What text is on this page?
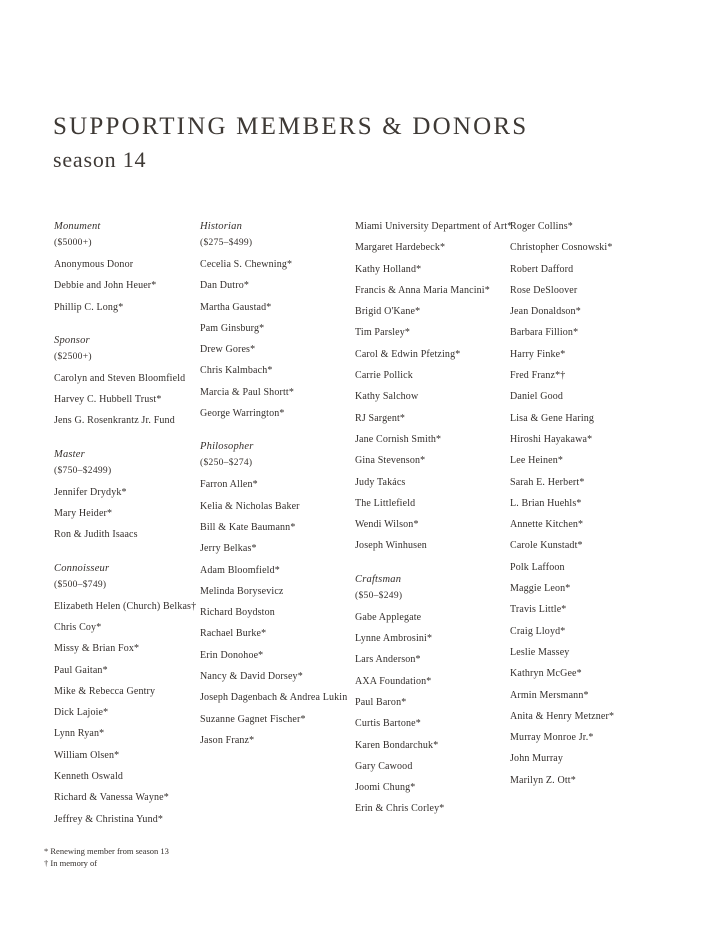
SUPPORTING MEMBERS & DONORS
season 14
Monument
($5000+)
Anonymous Donor
Debbie and John Heuer*
Phillip C. Long*
Sponsor
($2500+)
Carolyn and Steven Bloomfield
Harvey C. Hubbell Trust*
Jens G. Rosenkrantz Jr. Fund
Master
($750–$2499)
Jennifer Drydyk*
Mary Heider*
Ron & Judith Isaacs
Connoisseur
($500–$749)
Elizabeth Helen (Church) Belkas†
Chris Coy*
Missy & Brian Fox*
Paul Gaitan*
Mike & Rebecca Gentry
Dick Lajoie*
Lynn Ryan*
William Olsen*
Kenneth Oswald
Richard & Vanessa Wayne*
Jeffrey & Christina Yund*
Historian
($275–$499)
Cecelia S. Chewning*
Dan Dutro*
Martha Gaustad*
Pam Ginsburg*
Drew Gores*
Chris Kalmbach*
Marcia & Paul Shortt*
George Warrington*
Philosopher
($250–$274)
Farron Allen*
Kelia & Nicholas Baker
Bill & Kate Baumann*
Jerry Belkas*
Adam Bloomfield*
Melinda Borysevicz
Richard Boydston
Rachael Burke*
Erin Donohoe*
Nancy & David Dorsey*
Joseph Dagenbach & Andrea Lukin
Suzanne Gagnet Fischer*
Jason Franz*
Miami University Department of Art*
Margaret Hardebeck*
Kathy Holland*
Francis & Anna Maria Mancini*
Brigid O'Kane*
Tim Parsley*
Carol & Edwin Pfetzing*
Carrie Pollick
Kathy Salchow
RJ Sargent*
Jane Cornish Smith*
Gina Stevenson*
Judy Takács
The Littlefield
Wendi Wilson*
Joseph Winhusen
Craftsman
($50–$249)
Gabe Applegate
Lynne Ambrosini*
Lars Anderson*
AXA Foundation*
Paul Baron*
Curtis Bartone*
Karen Bondarchuk*
Gary Cawood
Joomi Chung*
Erin & Chris Corley*
Roger Collins*
Christopher Cosnowski*
Robert Dafford
Rose DeSloover
Jean Donaldson*
Barbara Fillion*
Harry Finke*
Fred Franz*†
Daniel Good
Lisa & Gene Haring
Hiroshi Hayakawa*
Lee Heinen*
Sarah E. Herbert*
L. Brian Huehls*
Annette Kitchen*
Carole Kunstadt*
Polk Laffoon
Maggie Leon*
Travis Little*
Craig Lloyd*
Leslie Massey
Kathryn McGee*
Armin Mersmann*
Anita & Henry Metzner*
Murray Monroe Jr.*
John Murray
Marilyn Z. Ott*
* Renewing member from season 13
† In memory of
